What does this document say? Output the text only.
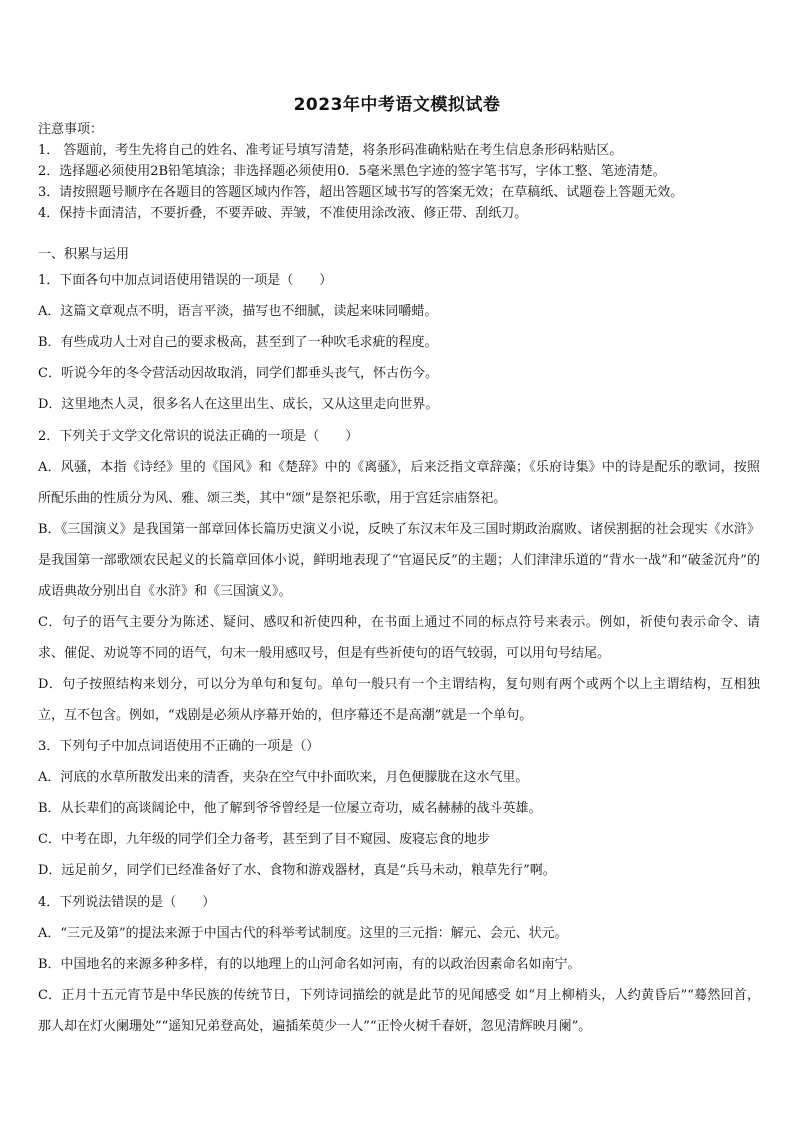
2023年中考语文模拟试卷
注意事项：
1． 答题前，考生先将自己的姓名、准考证号填写清楚，将条形码准确粘贴在考生信息条形码粘贴区。
2．选择题必须使用2B铅笔填涂；非选择题必须使用0．5毫米黑色字迹的签字笔书写，字体工整、笔迹清楚。
3．请按照题号顺序在各题目的答题区域内作答，超出答题区域书写的答案无效；在草稿纸、试题卷上答题无效。
4．保持卡面清洁，不要折叠，不要弄破、弄皱，不准使用涂改液、修正带、刮纸刀。
一、积累与运用
1．下面各句中加点词语使用错误的一项是（　　）
A．这篇文章观点不明，语言平淡，描写也不细腻，读起来味同嚼蜡。
B．有些成功人士对自己的要求极高，甚至到了一种吹毛求疵的程度。
C．听说今年的冬令营活动因故取消，同学们都垂头丧气，怀古伤今。
D．这里地杰人灵，很多名人在这里出生、成长，又从这里走向世界。
2．下列关于文学文化常识的说法正确的一项是（　　）
A．风骚，本指《诗经》里的《国风》和《楚辞》中的《离骚》，后来泛指文章辞藻；《乐府诗集》中的诗是配乐的歌词，按照所配乐曲的性质分为风、雅、颂三类，其中“颂”是祭祀乐歌，用于宫廷宗庙祭祀。
B．《三国演义》是我国第一部章回体长篇历史演义小说，反映了东汉末年及三国时期政治腐败、诸侯割据的社会现实《水浒》是我国第一部歌颂农民起义的长篇章回体小说，鲜明地表现了“官逼民反”的主题；人们津津乐道的“背水一战”和“破釜沉舟”的成语典故分别出自《水浒》和《三国演义》。
C．句子的语气主要分为陈述、疑问、感叹和祈使四种，在书面上通过不同的标点符号来表示。例如，祈使句表示命令、请求、催促、劝说等不同的语气，句末一般用感叹号，但是有些祈使句的语气较弱，可以用句号结尾。
D．句子按照结构来划分，可以分为单句和复句。单句一般只有一个主谓结构，复句则有两个或两个以上主谓结构，互相独立，互不包含。例如，“戏剧是必须从序幕开始的，但序幕还不是高潮”就是一个单句。
3．下列句子中加点词语使用不正确的一项是（）
A．河底的水草所散发出来的清香，夹杂在空气中扑面吹来，月色便朦胧在这水气里。
B．从长辈们的高谈阔论中，他了解到爷爷曾经是一位屡立奇功，威名赫赫的战斗英雄。
C．中考在即，九年级的同学们全力备考，甚至到了目不窥园、废寝忘食的地步
D．远足前夕，同学们已经准备好了水、食物和游戏器材，真是“兵马未动，粮草先行”啊。
4．下列说法错误的是（　　）
A．“三元及第”的提法来源于中国古代的科举考试制度。这里的三元指：解元、会元、状元。
B．中国地名的来源多种多样，有的以地理上的山河命名如河南，有的以政治因素命名如南宁。
C．正月十五元宵节是中华民族的传统节日，下列诗词描绘的就是此节的见闻感受 如“月上柳梢头，人约黄昏后”“蓦然回首，那人却在灯火阑珊处”“遥知兄弟登高处，遍插茱萸少一人”“正怜火树千春妍，忽见清辉映月阑”。
